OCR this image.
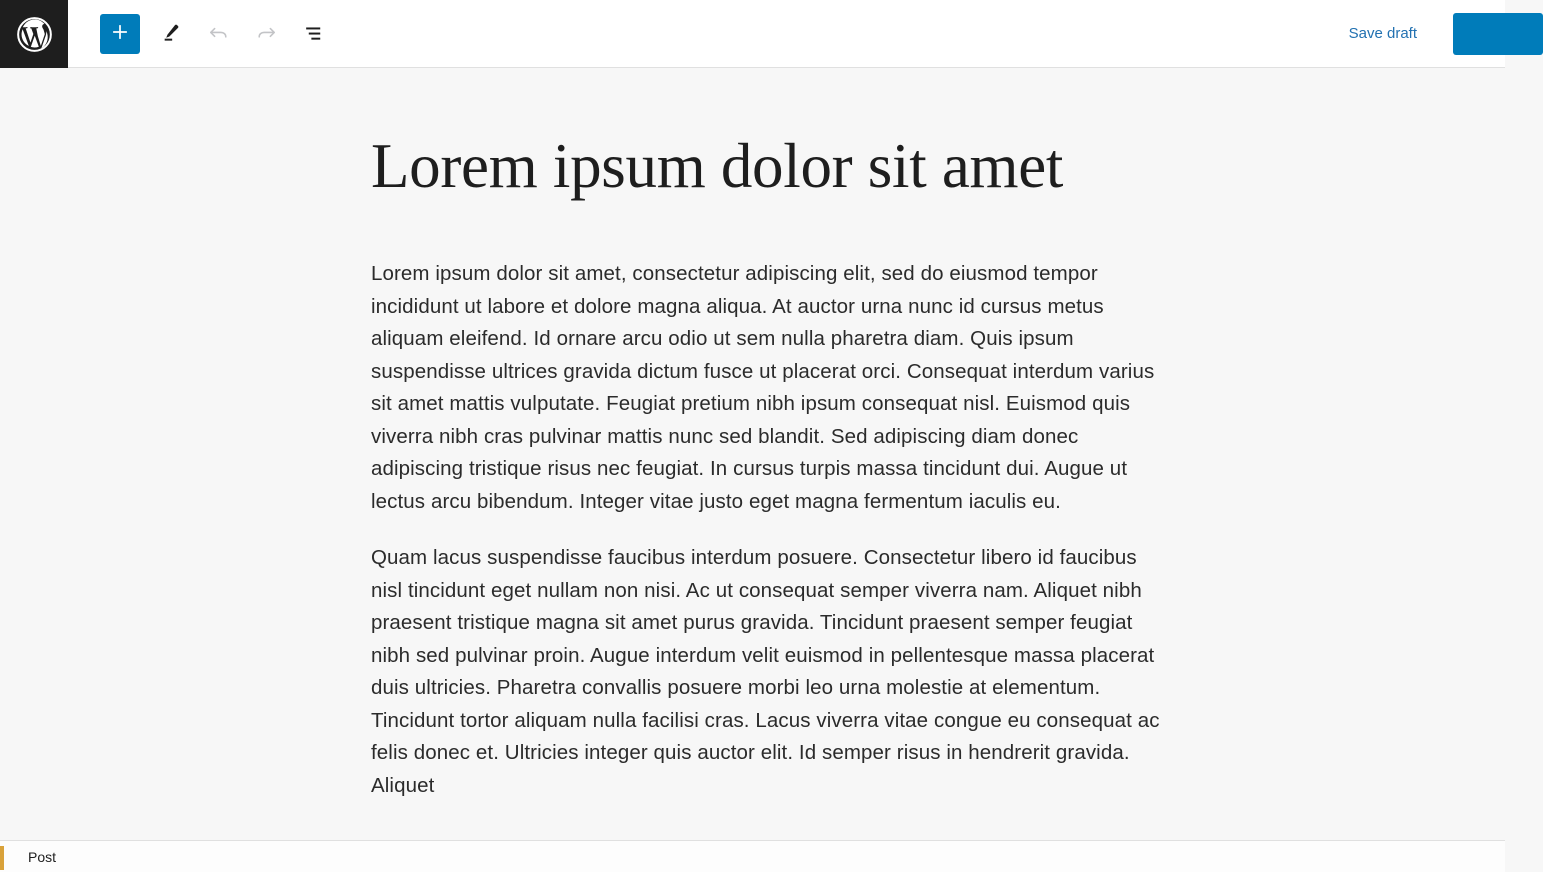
Save draft
Publish
Lorem ipsum dolor sit amet

Lorem ipsum dolor sit amet, consectetur adipiscing elit, sed do eiusmod tempor incididunt ut labore et dolore magna aliqua. At auctor urna nunc id cursus metus aliquam eleifend. Id ornare arcu odio ut sem nulla pharetra diam. Quis ipsum suspendisse ultrices gravida dictum fusce ut placerat orci. Consequat interdum varius sit amet mattis vulputate. Feugiat pretium nibh ipsum consequat nisl. Euismod quis viverra nibh cras pulvinar mattis nunc sed blandit. Sed adipiscing diam donec adipiscing tristique risus nec feugiat. In cursus turpis massa tincidunt dui. Augue ut lectus arcu bibendum. Integer vitae justo eget magna fermentum iaculis eu.

Quam lacus suspendisse faucibus interdum posuere. Consectetur libero id faucibus nisl tincidunt eget nullam non nisi. Ac ut consequat semper viverra nam. Aliquet nibh praesent tristique magna sit amet purus gravida. Tincidunt praesent semper feugiat nibh sed pulvinar proin. Augue interdum velit euismod in pellentesque massa placerat duis ultricies. Pharetra convallis posuere morbi leo urna molestie at elementum. Tincidunt tortor aliquam nulla facilisi cras. Lacus viverra vitae congue eu consequat ac felis donec et. Ultricies integer quis auctor elit. Id semper risus in hendrerit gravida. Aliquet

Post
